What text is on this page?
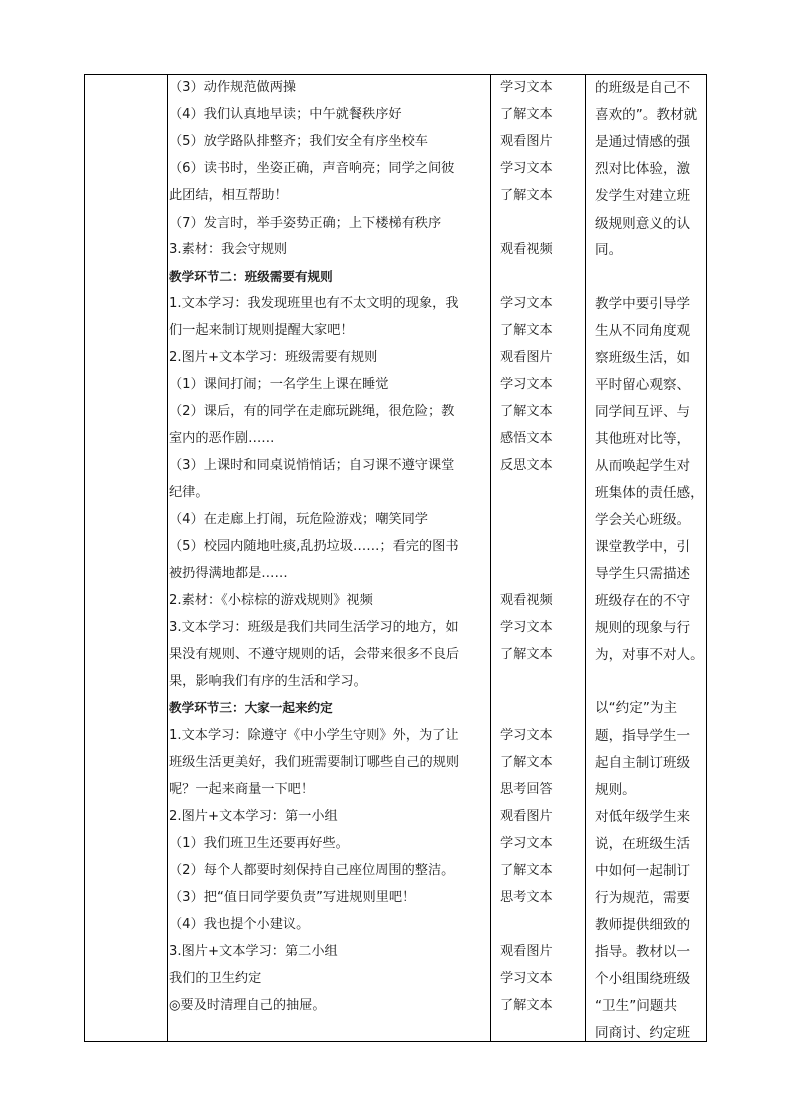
（3）动作规范做两操
（4）我们认真地早读；中午就餐秩序好
（5）放学路队排整齐；我们安全有序坐校车
（6）读书时，坐姿正确，声音响亮；同学之间彼
此团结，相互帮助！
（7）发言时，举手姿势正确；上下楼梯有秩序
3.素材：我会守规则
教学环节二：班级需要有规则
1.文本学习：我发现班里也有不太文明的现象，我
们一起来制订规则提醒大家吧！
2.图片+文本学习：班级需要有规则
（1）课间打闹；一名学生上课在睡觉
（2）课后，有的同学在走廊玩跳绳，很危险；教
室内的恶作剧……
（3）上课时和同桌说悄悄话；自习课不遵守课堂
纪律。
（4）在走廊上打闹，玩危险游戏；嘲笑同学
（5）校园内随地吐痰,乱扔垃圾……；看完的图书
被扔得满地都是……
2.素材：《小棕棕的游戏规则》视频
3.文本学习：班级是我们共同生活学习的地方，如
果没有规则、不遵守规则的话，会带来很多不良后
果，影响我们有序的生活和学习。
教学环节三：大家一起来约定
1.文本学习：除遵守《中小学生守则》外，为了让
班级生活更美好，我们班需要制订哪些自己的规则
呢？一起来商量一下吧！
2.图片+文本学习：第一小组
（1）我们班卫生还要再好些。
（2）每个人都要时刻保持自己座位周围的整洁。
（3）把“值日同学要负责”写进规则里吧！
（4）我也提个小建议。
3.图片+文本学习：第二小组
我们的卫生约定
◎要及时清理自己的抽屉。
学习文本
了解文本
观看图片
学习文本
了解文本
观看视频
学习文本
了解文本
观看图片
学习文本
了解文本
感悟文本
反思文本
观看视频
学习文本
了解文本
学习文本
了解文本
思考回答
观看图片
学习文本
了解文本
思考文本
观看图片
学习文本
了解文本
的班级是自己不
喜欢的”。教材就
是通过情感的强
烈对比体验，激
发学生对建立班
级规则意义的认
同。
教学中要引导学
生从不同角度观
察班级生活，如
平时留心观察、
同学间互评、与
其他班对比等，
从而唤起学生对
班集体的责任感，
学会关心班级。
课堂教学中，引
导学生只需描述
班级存在的不守
规则的现象与行
为，对事不对人。
以“约定”为主
题，指导学生一
起自主制订班级
规则。
对低年级学生来
说，在班级生活
中如何一起制订
行为规范，需要
教师提供细致的
指导。教材以一
个小组围绕班级
“卫生”问题共
同商讨、约定班
